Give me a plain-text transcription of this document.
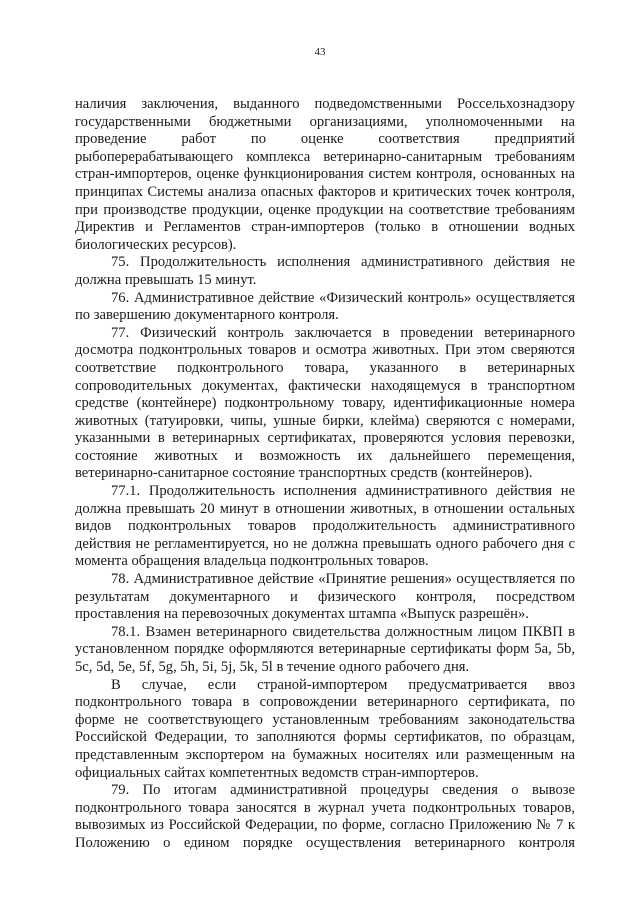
43

наличия заключения, выданного подведомственными Россельхознадзору государственными бюджетными организациями, уполномоченными на проведение работ по оценке соответствия предприятий рыбоперерабатывающего комплекса ветеринарно-санитарным требованиям стран-импортеров, оценке функционирования систем контроля, основанных на принципах Системы анализа опасных факторов и критических точек контроля, при производстве продукции, оценке продукции на соответствие требованиям Директив и Регламентов стран-импортеров (только в отношении водных биологических ресурсов).

75. Продолжительность исполнения административного действия не должна превышать 15 минут.

76. Административное действие «Физический контроль» осуществляется по завершению документарного контроля.

77. Физический контроль заключается в проведении ветеринарного досмотра подконтрольных товаров и осмотра животных. При этом сверяются соответствие подконтрольного товара, указанного в ветеринарных сопроводительных документах, фактически находящемуся в транспортном средстве (контейнере) подконтрольному товару, идентификационные номера животных (татуировки, чипы, ушные бирки, клейма) сверяются с номерами, указанными в ветеринарных сертификатах, проверяются условия перевозки, состояние животных и возможность их дальнейшего перемещения, ветеринарно-санитарное состояние транспортных средств (контейнеров).

77.1. Продолжительность исполнения административного действия не должна превышать 20 минут в отношении животных, в отношении остальных видов подконтрольных товаров продолжительность административного действия не регламентируется, но не должна превышать одного рабочего дня с момента обращения владельца подконтрольных товаров.

78. Административное действие «Принятие решения» осуществляется по результатам документарного и физического контроля, посредством проставления на перевозочных документах штампа «Выпуск разрешён».

78.1. Взамен ветеринарного свидетельства должностным лицом ПКВП в установленном порядке оформляются ветеринарные сертификаты форм 5a, 5b, 5c, 5d, 5e, 5f, 5g, 5h, 5i, 5j, 5k, 5l в течение одного рабочего дня.

В случае, если страной-импортером предусматривается ввоз подконтрольного товара в сопровождении ветеринарного сертификата, по форме не соответствующего установленным требованиям законодательства Российской Федерации, то заполняются формы сертификатов, по образцам, представленным экспортером на бумажных носителях или размещенным на официальных сайтах компетентных ведомств стран-импортеров.

79. По итогам административной процедуры сведения о вывозе подконтрольного товара заносятся в журнал учета подконтрольных товаров, вывозимых из Российской Федерации, по форме, согласно Приложению № 7 к Положению о едином порядке осуществления ветеринарного контроля
